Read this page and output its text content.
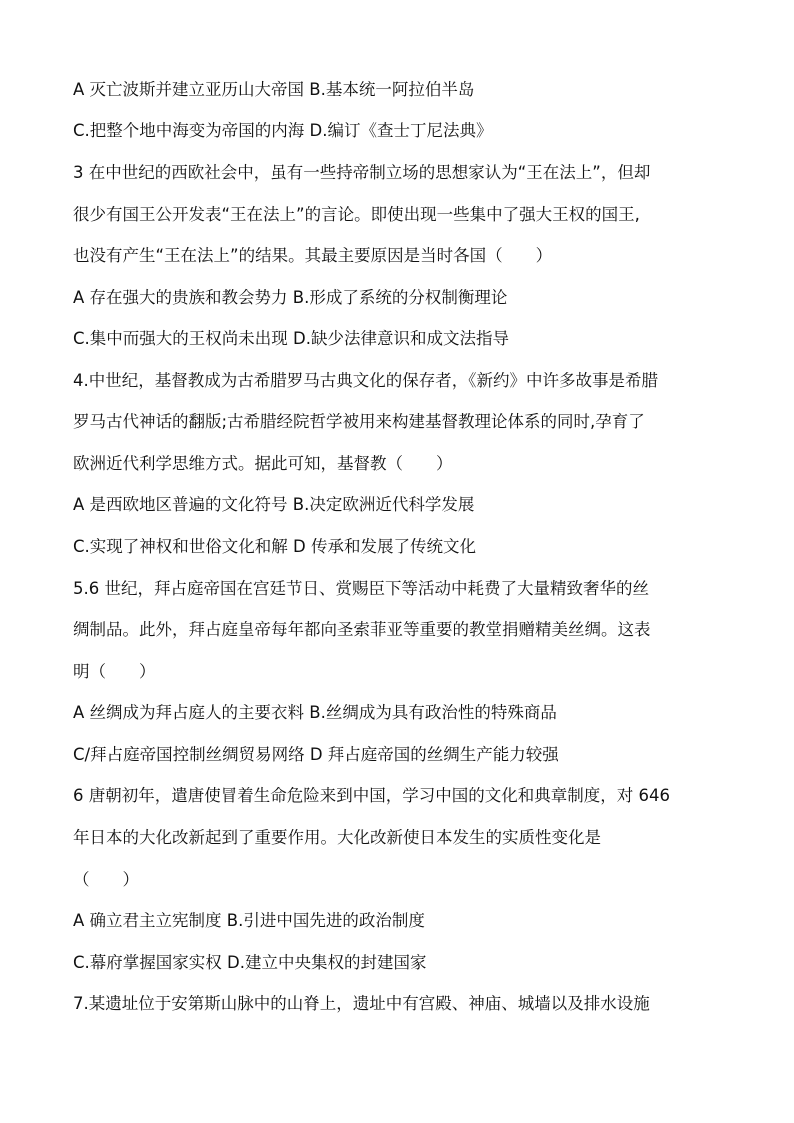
A 灭亡波斯并建立亚历山大帝国 B.基本统一阿拉伯半岛
C.把整个地中海变为帝国的内海 D.编订《查士丁尼法典》
3 在中世纪的西欧社会中，虽有一些持帝制立场的思想家认为“王在法上”，但却
很少有国王公开发表“王在法上”的言论。即使出现一些集中了强大王权的国王,
也没有产生“王在法上”的结果。其最主要原因是当时各国（　　）
A 存在强大的贵族和教会势力 B.形成了系统的分权制衡理论
C.集中而强大的王权尚未出现 D.缺少法律意识和成文法指导
4.中世纪，基督教成为古希腊罗马古典文化的保存者，《新约》中许多故事是希腊
罗马古代神话的翻版;古希腊经院哲学被用来构建基督教理论体系的同时,孕育了
欧洲近代利学思维方式。据此可知，基督教（　　）
A 是西欧地区普遍的文化符号 B.决定欧洲近代科学发展
C.实现了神权和世俗文化和解 D 传承和发展了传统文化
5.6 世纪，拜占庭帝国在宫廷节日、赏赐臣下等活动中耗费了大量精致奢华的丝
绸制品。此外，拜占庭皇帝每年都向圣索菲亚等重要的教堂捐赠精美丝绸。这表
明（　　）
A 丝绸成为拜占庭人的主要衣料 B.丝绸成为具有政治性的特殊商品
C/拜占庭帝国控制丝绸贸易网络 D 拜占庭帝国的丝绸生产能力较强
6 唐朝初年，遣唐使冒着生命危险来到中国，学习中国的文化和典章制度，对 646
年日本的大化改新起到了重要作用。大化改新使日本发生的实质性变化是
（　　）
A 确立君主立宪制度 B.引进中国先进的政治制度
C.幕府掌握国家实权 D.建立中央集权的封建国家
7.某遗址位于安第斯山脉中的山脊上，遗址中有宫殿、神庙、城墙以及排水设施
